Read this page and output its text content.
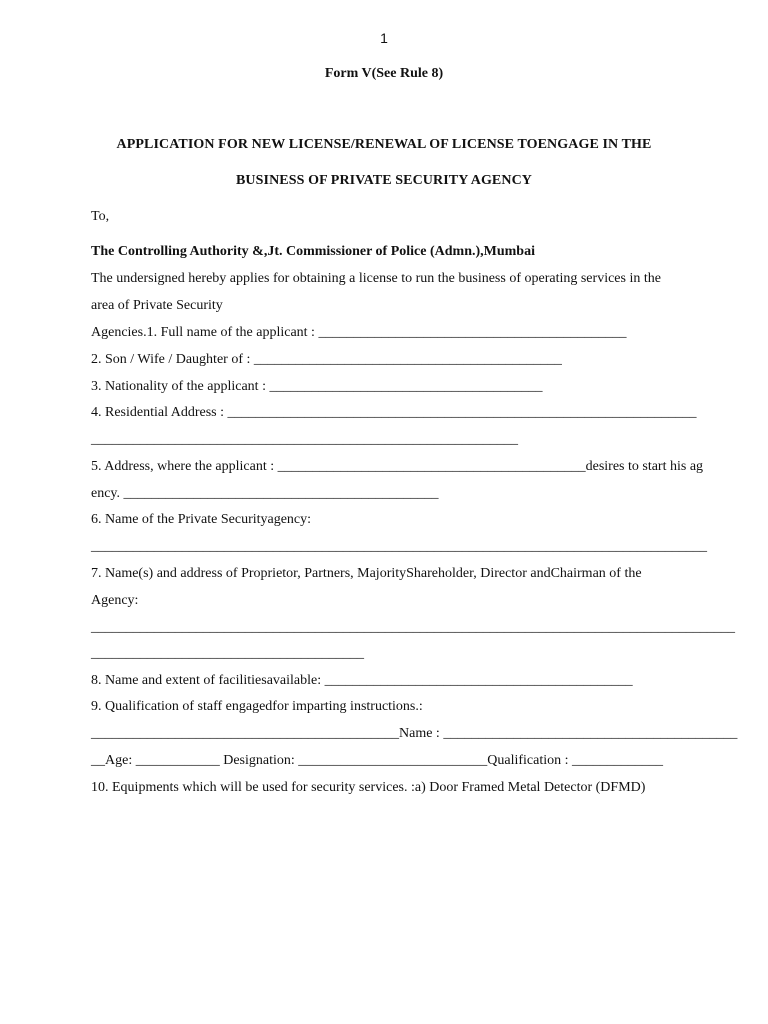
1
Form V(See Rule 8)
APPLICATION FOR NEW LICENSE/RENEWAL OF LICENSE TOENGAGE IN THE
BUSINESS OF PRIVATE SECURITY AGENCY
To,
The Controlling Authority &,Jt. Commissioner of Police (Admn.),Mumbai
The undersigned hereby applies for obtaining a license to run the business of operating services in the
area of Private Security
Agencies.1. Full name of the applicant : ____________________________________________
2. Son / Wife / Daughter of : ____________________________________________
3. Nationality of the applicant : _______________________________________
4. Residential Address : ___________________________________________________________________
_____________________________________________________________
5. Address, where the applicant : ____________________________________________desires to start his ag
ency. _____________________________________________
6. Name of the Private Securityagency:
________________________________________________________________________________________
7. Name(s) and address of Proprietor, Partners, MajorityShareholder, Director andChairman of the
Agency:
____________________________________________________________________________________________
_______________________________________
8. Name and extent of facilitiesavailable: ____________________________________________
9. Qualification of staff engagedfor imparting instructions.:
____________________________________________Name : __________________________________________
__Age: ____________ Designation: ___________________________Qualification : _____________
10. Equipments which will be used for security services. :a) Door Framed Metal Detector (DFMD)
